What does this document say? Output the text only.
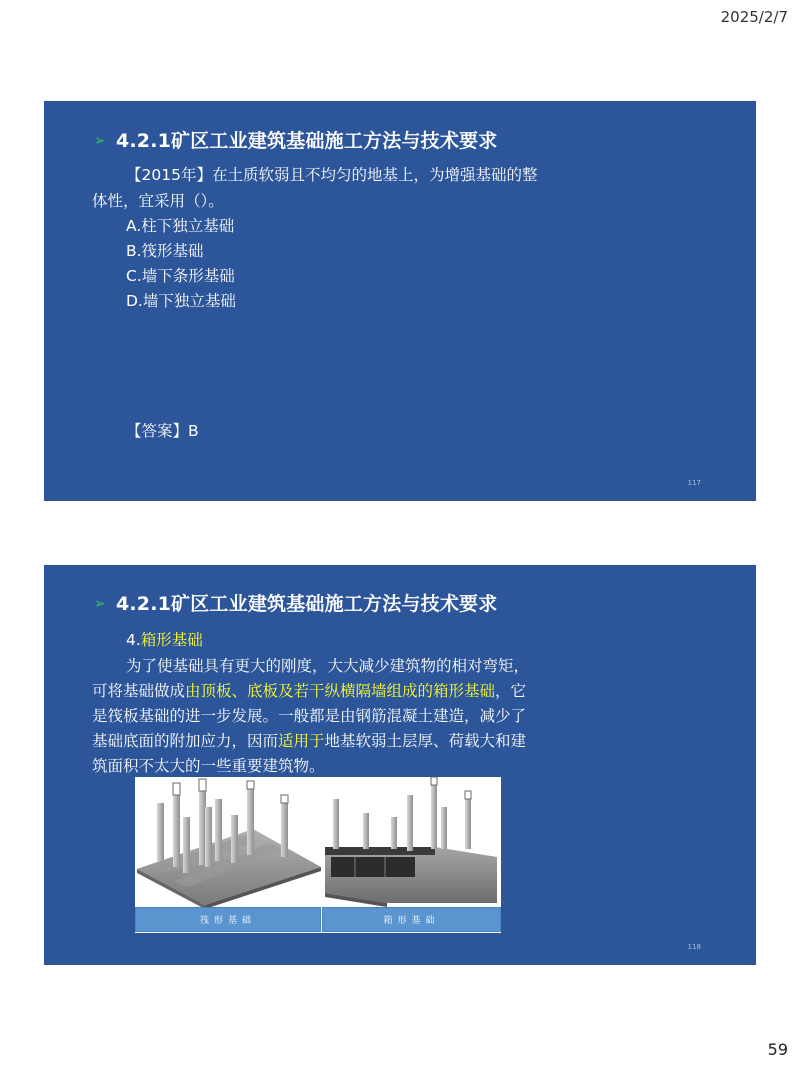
2025/2/7
➢ 4.2.1矿区工业建筑基础施工方法与技术要求
【2015年】在土质软弱且不均匀的地基上，为增强基础的整
体性，宜采用（）。
A.柱下独立基础
B.筏形基础
C.墙下条形基础
D.墙下独立基础
【答案】B
117
➢ 4.2.1矿区工业建筑基础施工方法与技术要求
4.箱形基础
为了使基础具有更大的刚度，大大减少建筑物的相对弯矩，
可将基础做成由顶板、底板及若干纵横隔墙组成的箱形基础，它
是筏板基础的进一步发展。一般都是由钢筋混凝土建造，减少了
基础底面的附加应力，因而适用于地基软弱土层厚、荷载大和建
筑面积不太大的一些重要建筑物。
筏形基础	箱形基础
118
59
